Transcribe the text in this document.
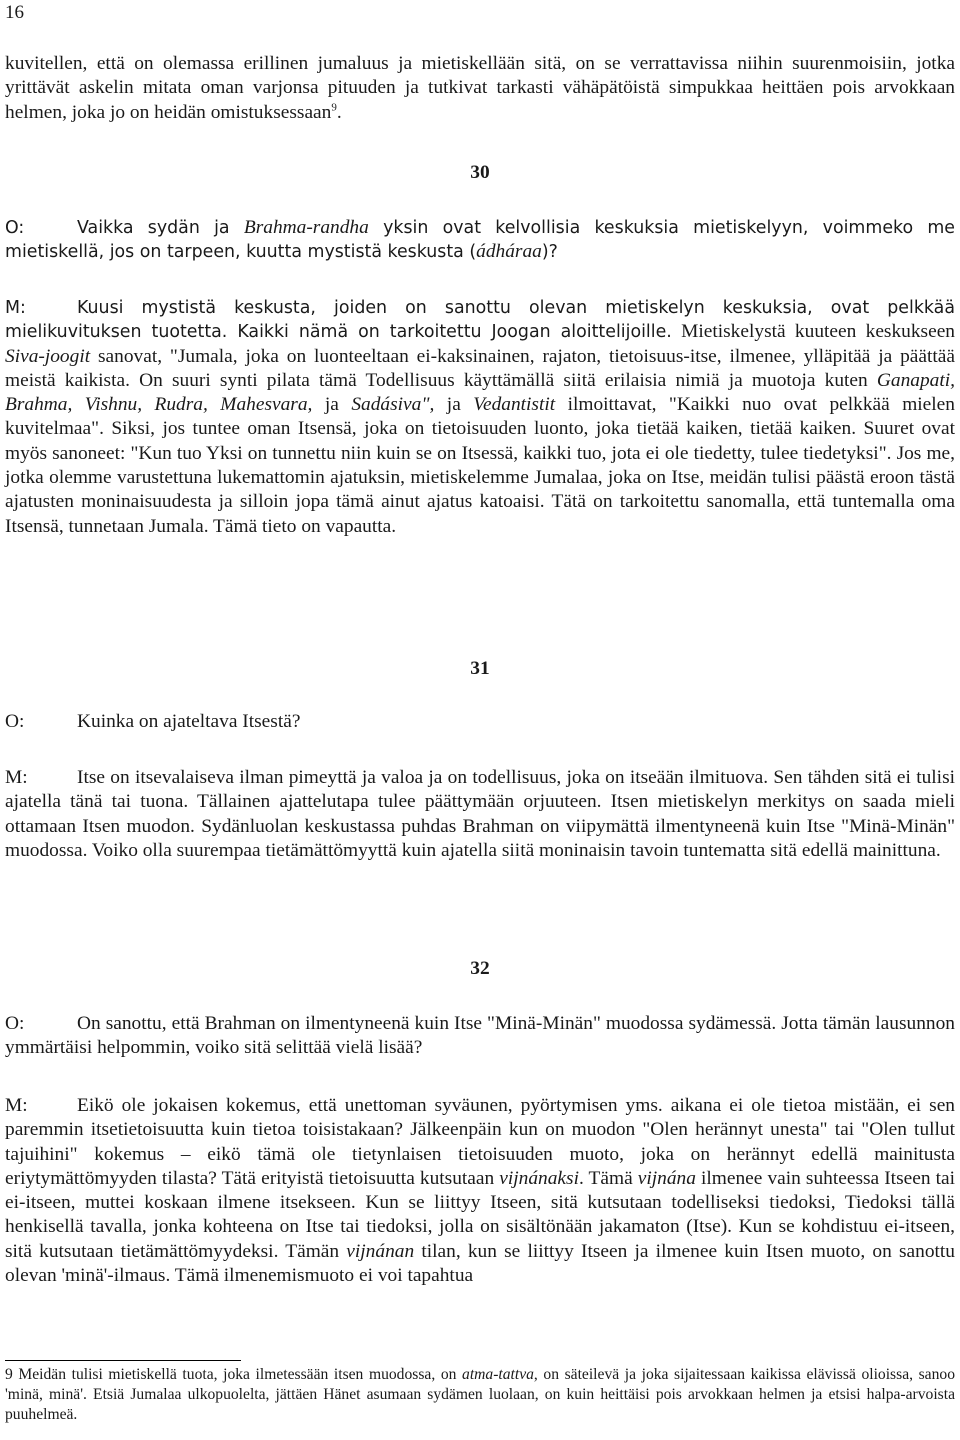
16

kuvitellen, että on olemassa erillinen jumaluus ja mietiskellään sitä, on se verrattavissa niihin suurenmoisiin, jotka yrittävät askelin mitata oman varjonsa pituuden ja tutkivat tarkasti vähäpätöistä simpukkaa heittäen pois arvokkaan helmen, joka jo on heidän omistuksessaan$^9$.

30

O:	Vaikka sydän ja Brahma-randha yksin ovat kelvollisia keskuksia mietiskelyyn, voimmeko me mietiskellä, jos on tarpeen, kuutta mystistä keskusta (ádháraa)?

M:	Kuusi mystistä keskusta, joiden on sanottu olevan mietiskelyn keskuksia, ovat pelkkää mielikuvituksen tuotetta. Kaikki nämä on tarkoitettu Joogan aloittelijoille. Mietiskelystä kuuteen keskukseen Siva-joogit sanovat, "Jumala, joka on luonteeltaan ei-kaksinainen, rajaton, tietoisuus-itse, ilmenee, ylläpitää ja päättää meistä kaikista. On suuri synti pilata tämä Todellisuus käyttämällä siitä erilaisia nimiä ja muotoja kuten Ganapati, Brahma, Vishnu, Rudra, Mahesvara, ja Sadásiva", ja Vedantistit ilmoittavat, "Kaikki nuo ovat pelkkää mielen kuvitelmaa". Siksi, jos tuntee oman Itsensä, joka on tietoisuuden luonto, joka tietää kaiken, tietää kaiken. Suuret ovat myös sanoneet: "Kun tuo Yksi on tunnettu niin kuin se on Itsessä, kaikki tuo, jota ei ole tiedetty, tulee tiedetyksi". Jos me, jotka olemme varustettuna lukemattomin ajatuksin, mietiskelemme Jumalaa, joka on Itse, meidän tulisi päästä eroon tästä ajatusten moninaisuudesta ja silloin jopa tämä ainut ajatus katoaisi. Tätä on tarkoitettu sanomalla, että tuntemalla oma Itsensä, tunnetaan Jumala. Tämä tieto on vapautta.

31

O:	Kuinka on ajateltava Itsestä?

M:	Itse on itsevalaiseva ilman pimeyttä ja valoa ja on todellisuus, joka on itseään ilmituova. Sen tähden sitä ei tulisi ajatella tänä tai tuona. Tällainen ajattelutapa tulee päättymään orjuuteen. Itsen mietiskelyn merkitys on saada mieli ottamaan Itsen muodon. Sydänluolan keskustassa puhdas Brahman on viipymättä ilmentyneenä kuin Itse "Minä-Minän" muodossa. Voiko olla suurempaa tietämättömyyttä kuin ajatella siitä moninaisin tavoin tuntematta sitä edellä mainittuna.

32

O:	On sanottu, että Brahman on ilmentyneenä kuin Itse "Minä-Minän" muodossa sydämessä. Jotta tämän lausunnon ymmärtäisi helpommin, voiko sitä selittää vielä lisää?

M:	Eikö ole jokaisen kokemus, että unettoman syväunen, pyörtymisen yms. aikana ei ole tietoa mistään, ei sen paremmin itsetietoisuutta kuin tietoa toisistakaan? Jälkeenpäin kun on muodon "Olen herännyt unesta" tai "Olen tullut tajuihini" kokemus – eikö tämä ole tietynlaisen tietoisuuden muoto, joka on herännyt edellä mainitusta eriytymättömyyden tilasta? Tätä erityistä tietoisuutta kutsutaan vijnánaksi. Tämä vijnána ilmenee vain suhteessa Itseen tai ei-itseen, muttei koskaan ilmene itsekseen. Kun se liittyy Itseen, sitä kutsutaan todelliseksi tiedoksi, Tiedoksi tällä henkisellä tavalla, jonka kohteena on Itse tai tiedoksi, jolla on sisältönään jakamaton (Itse). Kun se kohdistuu ei-itseen, sitä kutsutaan tietämättömyydeksi. Tämän vijnánan tilan, kun se liittyy Itseen ja ilmenee kuin Itsen muoto, on sanottu olevan 'minä'-ilmaus. Tämä ilmenemismuoto ei voi tapahtua

9 Meidän tulisi mietiskellä tuota, joka ilmetessään itsen muodossa, on atma-tattva, on säteilevä ja joka sijaitessaan kaikissa elävissä olioissa, sanoo 'minä, minä'. Etsiä Jumalaa ulkopuolelta, jättäen Hänet asumaan sydämen luolaan, on kuin heittäisi pois arvokkaan helmen ja etsisi halpa-arvoista puuhelmeä.
